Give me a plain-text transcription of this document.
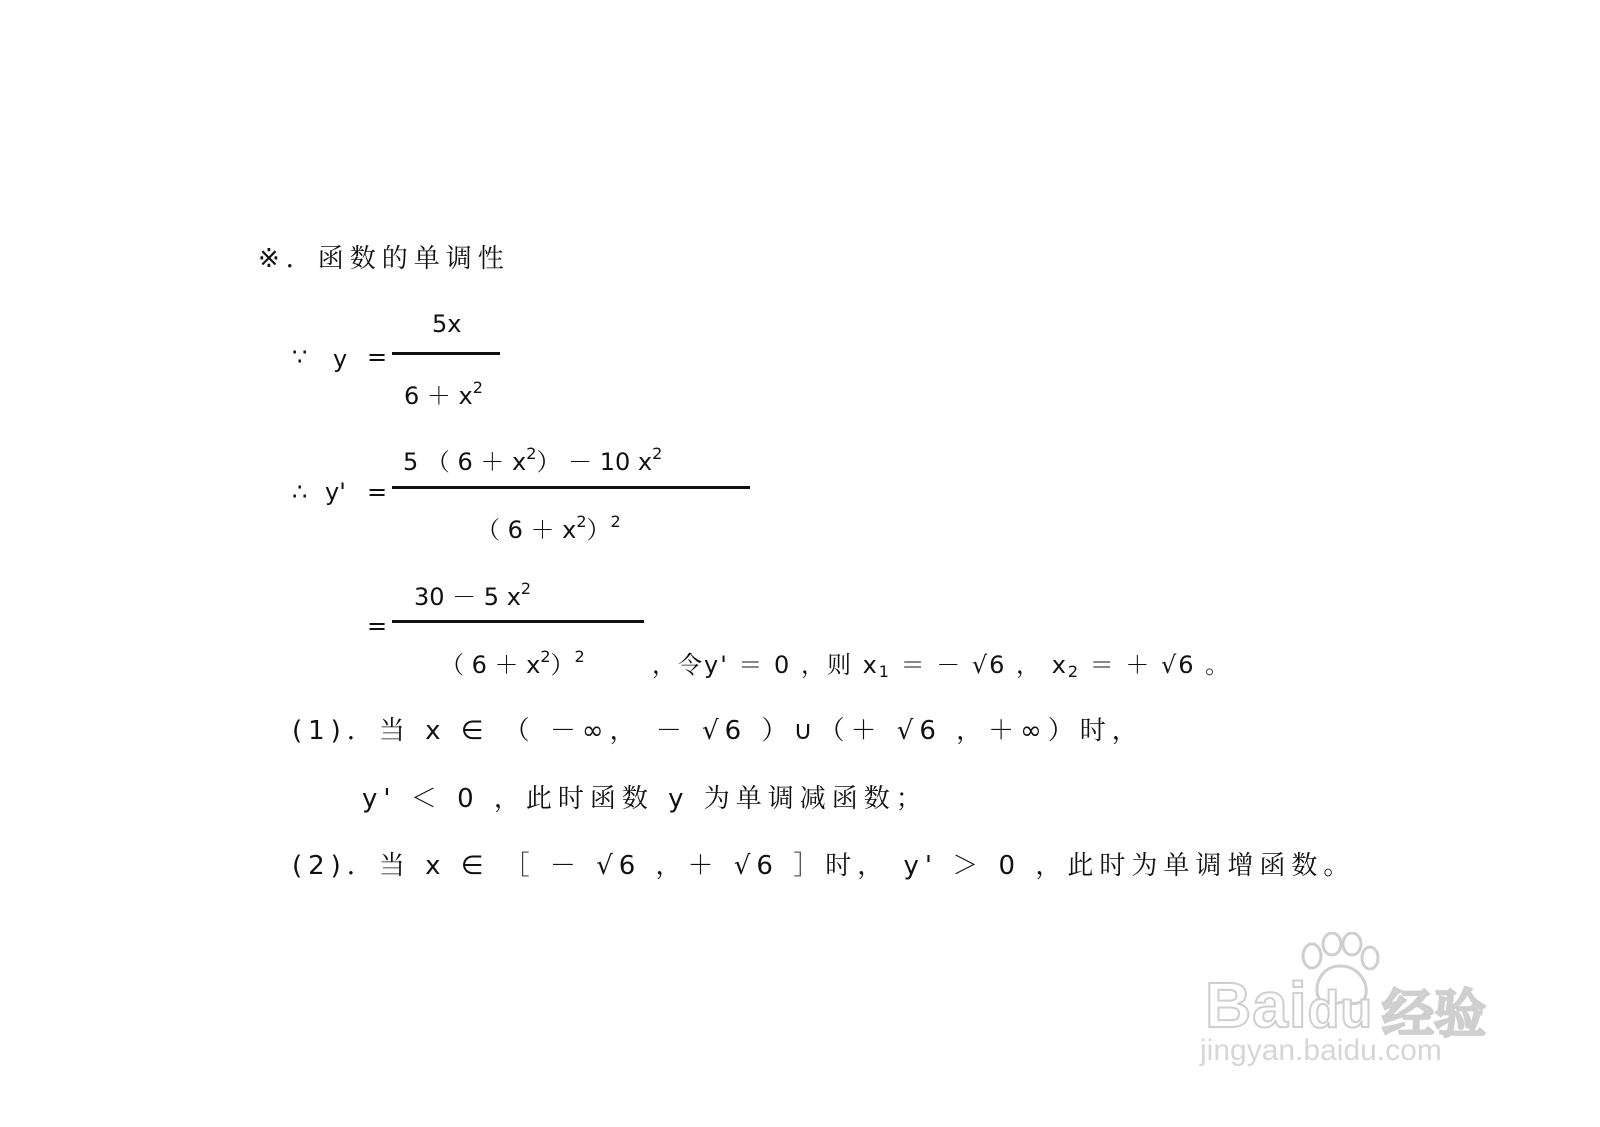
※．函数的单调性
∵ y =
5x
$6 + x^2$
∴ y' =
5 （ $6 + x^2) - 10$ $x^2$
（ $6 + x^2)^2$
=
30 － 5 $x^2$
（ $6 + x^2)^2$	，令y' ＝ 0 ，则 $x_1$ ＝ － √6 ， $x_2$ ＝ ＋ √6 。
(1)．当 x ∈ （ －∞， － √6 ）∪（＋ √6 ，＋∞）时，
y' ＜ 0 ，此时函数 y 为单调减函数；
(2)．当 x ∈ ［ － √6 ，＋ √6 ］时， y' ＞ 0 ，此时为单调增函数。
Baidu 经验
jingyan.baidu.com
